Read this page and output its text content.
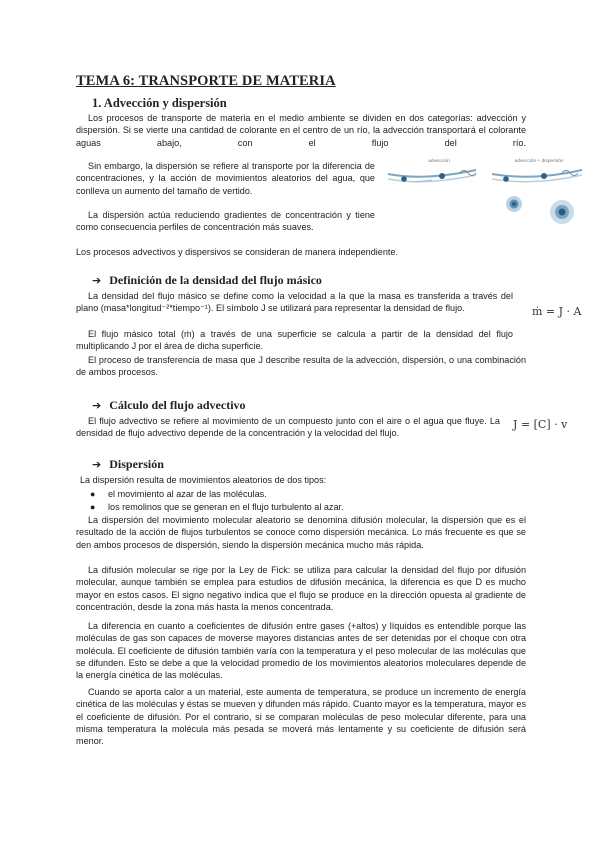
TEMA 6: TRANSPORTE DE MATERIA
1. Advección y dispersión

Los procesos de transporte de materia en el medio ambiente se dividen en dos categorías: advección y dispersión. Si se vierte una cantidad de colorante en el centro de un río, la advección transportará el colorante aguas abajo, con el flujo del río.

Sin embargo, la dispersión se refiere al transporte por la diferencia de concentraciones, y la acción de movimientos aleatorios del agua, que conlleva un aumento del tamaño de vertido.

La dispersión actúa reduciendo gradientes de concentración y tiene como consecuencia perfiles de concentración más suaves.

Los procesos advectivos y dispersivos se consideran de manera independiente.

advección	advección + dispersión
➔ Definición de la densidad del flujo másico

La densidad del flujo másico se define como la velocidad a la que la masa es transferida a través del plano (masa*longitud⁻²*tiempo⁻¹). El símbolo J se utilizará para representar la densidad de flujo.

El flujo másico total (ṁ) a través de una superficie se calcula a partir de la densidad del flujo multiplicando J por el área de dicha superficie.

El proceso de transferencia de masa que J describe resulta de la advección, dispersión, o una combinación de ambos procesos.

ṁ = J · A
➔ Cálculo del flujo advectivo

El flujo advectivo se refiere al movimiento de un compuesto junto con el aire o el agua que fluye. La densidad de flujo advectivo depende de la concentración y la velocidad del flujo.

J = [C] · v
➔ Dispersión

La dispersión resulta de movimientos aleatorios de dos tipos:

● el movimiento al azar de las moléculas.
● los remolinos que se generan en el flujo turbulento al azar.

La dispersión del movimiento molecular aleatorio se denomina difusión molecular, la dispersión que es el resultado de la acción de flujos turbulentos se conoce como dispersión mecánica. Lo más frecuente es que se den ambos procesos de dispersión, siendo la dispersión mecánica mucho más rápida.

La difusión molecular se rige por la Ley de Fick: se utiliza para calcular la densidad del flujo por difusión molecular, aunque también se emplea para estudios de difusión mecánica, la diferencia es que D es mucho mayor en estos casos. El signo negativo indica que el flujo se produce en la dirección opuesta al gradiente de concentración, desde la zona más hasta la menos concentrada.

La diferencia en cuanto a coeficientes de difusión entre gases (+altos) y líquidos es entendible porque las moléculas de gas son capaces de moverse mayores distancias antes de ser detenidas por el choque con otra molécula. El coeficiente de difusión también varía con la temperatura y el peso molecular de las moléculas que se difunden. Esto se debe a que la velocidad promedio de los movimientos aleatorios moleculares depende de la energía cinética de las moléculas.

Cuando se aporta calor a un material, este aumenta de temperatura, se produce un incremento de energía cinética de las moléculas y éstas se mueven y difunden más rápido. Cuanto mayor es la temperatura, mayor es el coeficiente de difusión. Por el contrario, si se comparan moléculas de peso molecular diferente, para una misma temperatura la molécula más pesada se moverá más lentamente y su coeficiente de difusión será menor.
